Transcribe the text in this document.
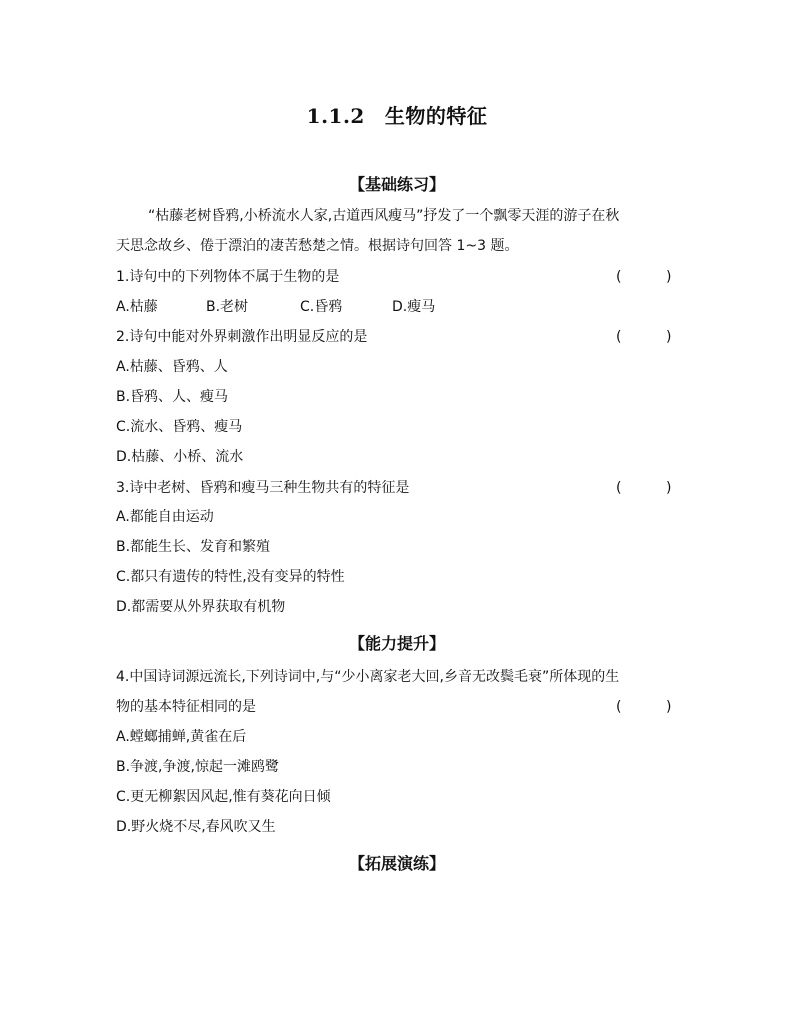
1.1.2 生物的特征
【基础练习】
“枯藤老树昏鸦,小桥流水人家,古道西风瘦马”抒发了一个飘零天涯的游子在秋
天思念故乡、倦于漂泊的凄苦愁楚之情。根据诗句回答 1~3 题。
1.诗句中的下列物体不属于生物的是	(          )
A.枯藤	B.老树	C.昏鸦	D.瘦马
2.诗句中能对外界刺激作出明显反应的是	(          )
A.枯藤、昏鸦、人
B.昏鸦、人、瘦马
C.流水、昏鸦、瘦马
D.枯藤、小桥、流水
3.诗中老树、昏鸦和瘦马三种生物共有的特征是	(          )
A.都能自由运动
B.都能生长、发育和繁殖
C.都只有遗传的特性,没有变异的特性
D.都需要从外界获取有机物
【能力提升】
4.中国诗词源远流长,下列诗词中,与“少小离家老大回,乡音无改鬓毛衰”所体现的生
物的基本特征相同的是	(          )
A.螳螂捕蝉,黄雀在后
B.争渡,争渡,惊起一滩鸥鹭
C.更无柳絮因风起,惟有葵花向日倾
D.野火烧不尽,春风吹又生
【拓展演练】
